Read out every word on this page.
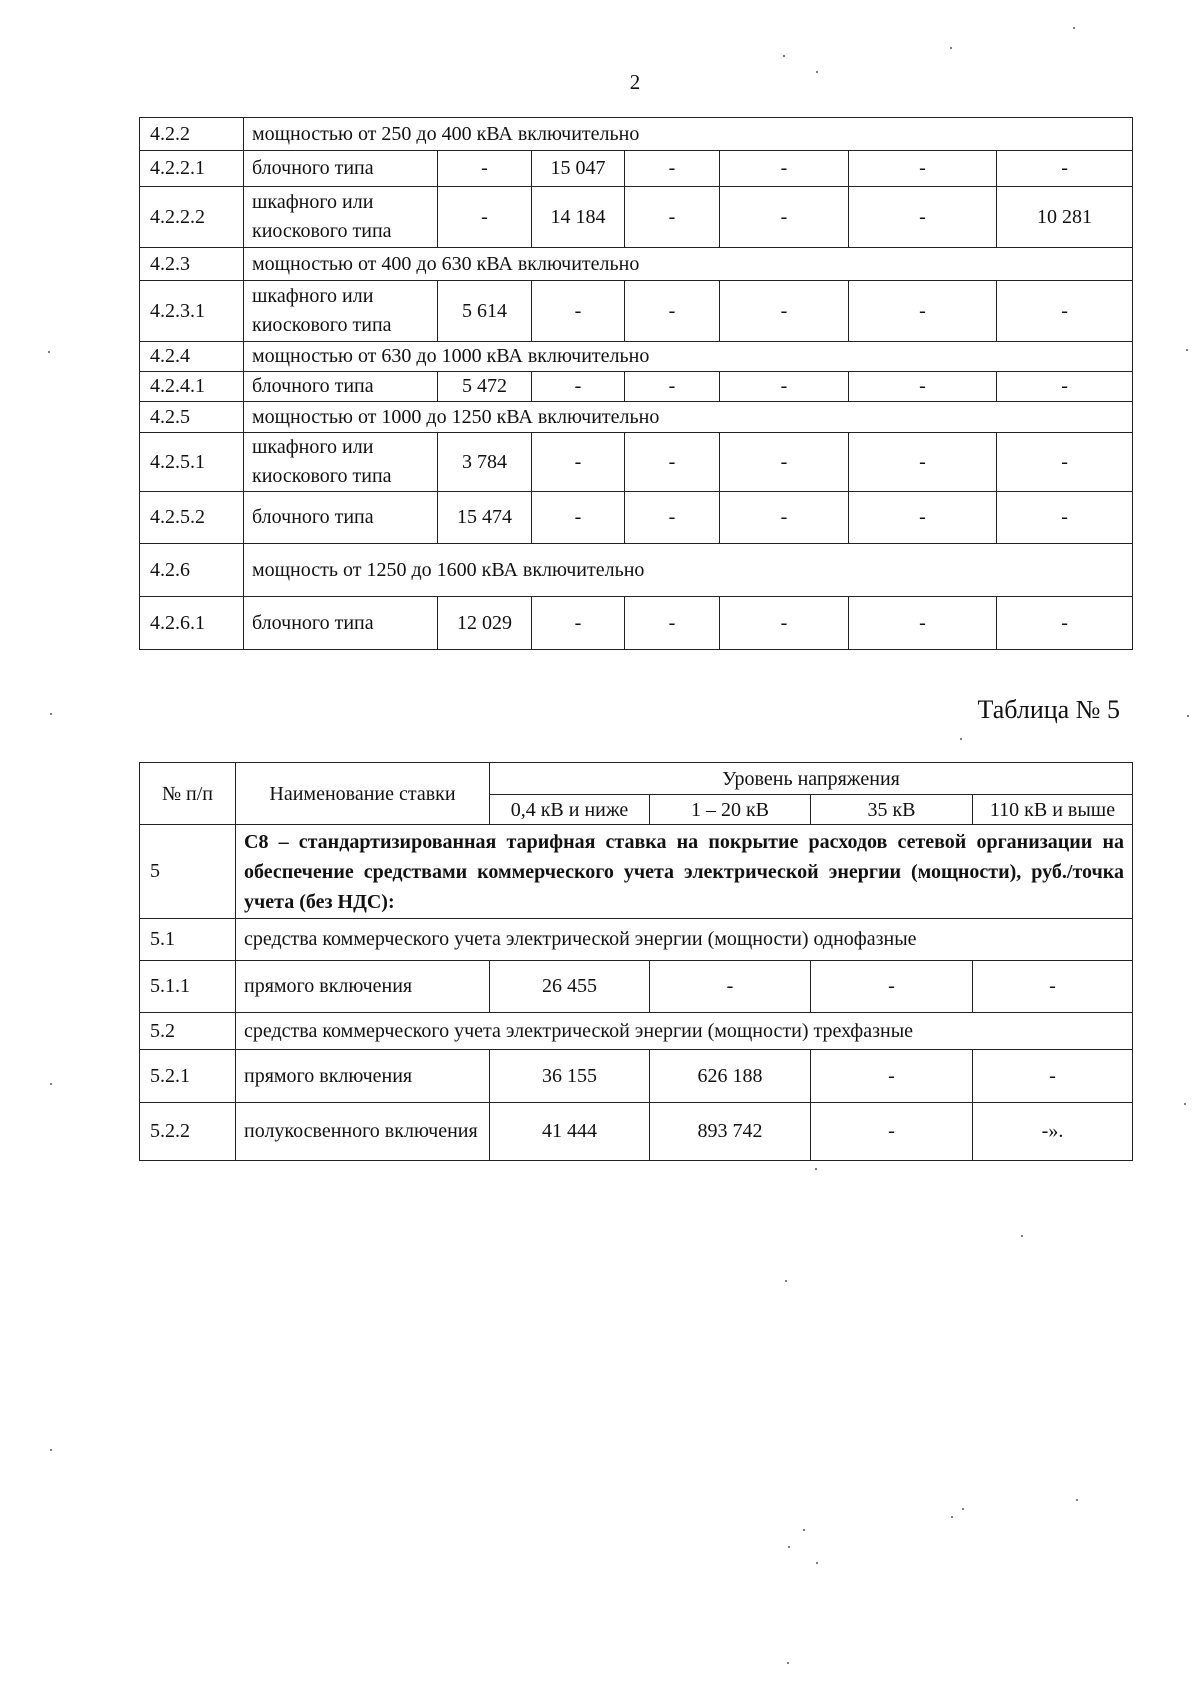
2
4.2.2	мощностью от 250 до 400 кВА включительно						
4.2.2.1	блочного типа	-	15 047	-	-	-	-
4.2.2.2	шкафного или киоскового типа	-	14 184	-	-	-	10 281
4.2.3	мощностью от 400 до 630 кВА включительно						
4.2.3.1	шкафного или киоскового типа	5 614	-	-	-	-	-
4.2.4	мощностью от 630 до 1000 кВА включительно						
4.2.4.1	блочного типа	5 472	-	-	-	-	-
4.2.5	мощностью от 1000 до 1250 кВА включительно						
4.2.5.1	шкафного или киоскового типа	3 784	-	-	-	-	-
4.2.5.2	блочного типа	15 474	-	-	-	-	-
4.2.6	мощность от 1250 до 1600 кВА включительно						
4.2.6.1	блочного типа	12 029	-	-	-	-	-
Таблица № 5
№ п/п	Наименование ставки	Уровень напряжения			
		0,4 кВ и ниже	1 – 20 кВ	35 кВ	110 кВ и выше
5	С8 – стандартизированная тарифная ставка на покрытие расходов сетевой организации на обеспечение средствами коммерческого учета электрической энергии (мощности), руб./точка учета (без НДС):				
5.1	средства коммерческого учета электрической энергии (мощности) однофазные				
5.1.1	прямого включения	26 455	-	-	-
5.2	средства коммерческого учета электрической энергии (мощности) трехфазные				
5.2.1	прямого включения	36 155	626 188	-	-
5.2.2	полукосвенного включения	41 444	893 742	-	-».
